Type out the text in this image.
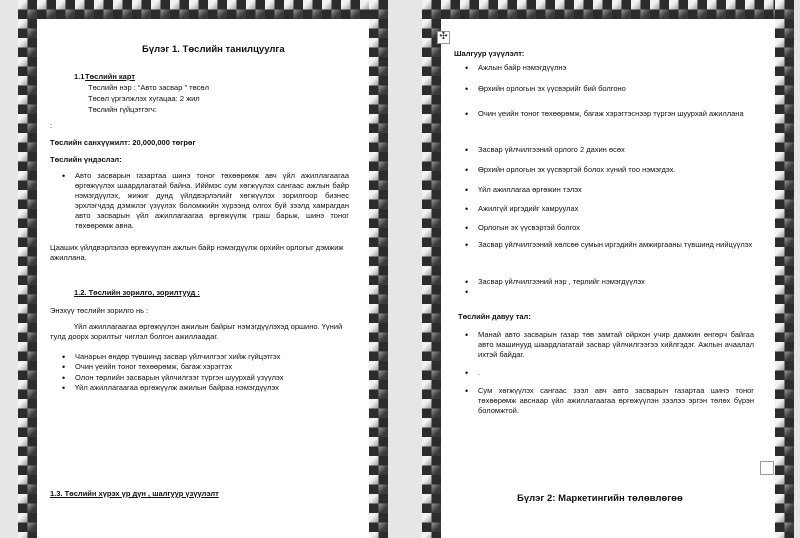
Бүлэг 1. Төслийн танилцуулга
1.1 Төслийн карт
Төслийн нэр : “Авто засвар ” төсөл
Төсөл үргэлжлэх хугацаа: 2 жил
Төслийн гүйцэтгэгч:
:
Төслийн санхүүжилт: 20,000,000 төгрөг
Төслийн үндэслэл:
• Авто засварын газартаа шинэ тоног төхөөрөмж авч үйл ажиллагаагаа өргөжүүлэх шаардлагатай байна. Ийймэс сум хөгжүүлэх сангаас ажлын байр нэмэгдүүлэх, жижиг дунд үйлдвэрлэлийг хөгжүүлэх зорилгоор бизнес эрхлэгчдэд дэмжлэг үзүүлэх боломжийн хүрээнд олгох буй зээлд хамрагдан авто засварын үйл ажиллагаагаа өргөжүүлж граш барьж, шинэ тоног төхөөрөмж авна.
Цааших үйлдвэрлэлээ өргөжүүлэн ажлын байр нэмэгдүүлж орхийн орлогыг дэмжиж ажиллана.
1.2. Төслийн зорилго, зорилтууд :
Энэхүү төслийн зорилго нь :
Үйл ажиллагаагаа өргөжүүлэн ажилын байрыг нэмэгдүүлэхэд оршино. Үүний тулд доорх зорилтыг чиглэл болгон ажиллаадаг.
• Чанарын өндөр түвшинд засвар үйлчилгээг хийж гүйцэтгэх
• Очин үеийн тоног төхөөрөмж, багаж хэрэгтэх
• Олон төрлийн засварын үйлчилгээг түргэн шуурхай үзүүлэх
• Үйл ажиллагаагаа өргөжүүлж ажилын байраа нэмэгдүүлэх
1.3. Төслийн хүрэх үр дүн , шалгуур үзүүлэлт
✣
Шалгуур үзүүлэлт:
• Ажлын байр нэмэгдүүлнэ
• Өрхийн орлогын эх үүсвэрийг бий болгоно
• Очин үеийн тоног төхөөрөмж, багаж хэрэгтэснээр түргэн шуурхай ажиллана
• Засвар үйлчилгээний орлого 2 дахин өсөх
• Өрхийн орлогын эх үүсвэртэй болох хүний тоо нэмэгдэх.
• Үйл ажиллагаа өргөжин тэлэх
• Ажилгүй иргэдийг хамруулах
• Орлогын эх үүсвэртэй болгох
• Засвар үйлчилгээний хөлсөө сумын иргэдийн амжиргааны түвшинд нийцүүлэх
• Засвар үйлчилгээний нэр , терлийг нэмэгдүүлэх
Төслийн давуу тал:
• Манай авто засварын газар төв замтай ойрхон учир дамжин өнгөрч байгаа авто машинууд шаардлагатай засвар үйлчилгээгээ хийлгэдэг. Ажлын ачаалал ихтэй байдаг.
• .
• Сум хөгжүүлэх сангаас зээл авч авто засварын газартаа шинэ тоног төхөөрөмж авснаар үйл ажиллагаагаа өргөжүүлэн зээлээ эргэн төлөх бүрэн боломжтой.
Бүлэг 2: Маркетингийн төлөвлөгөө
